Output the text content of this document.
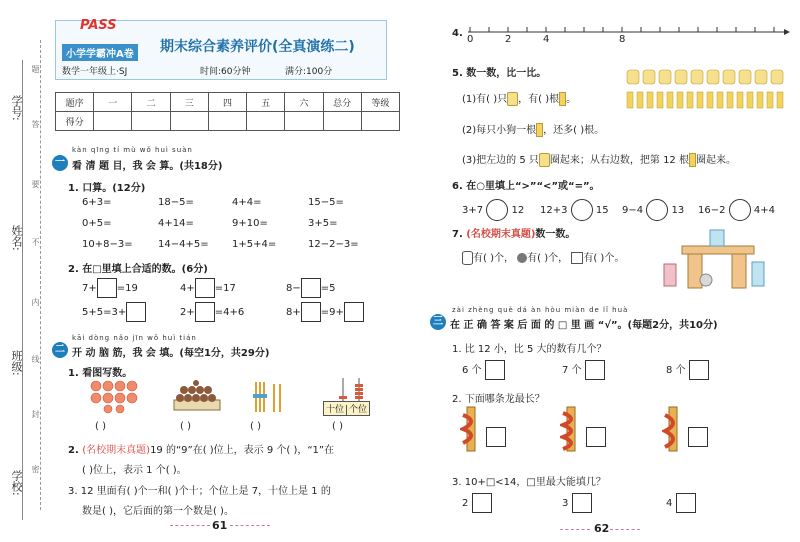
学号:
姓名:
班级:
学校:
题
答
要
不
内
线
封
密
PASS
小学学霸冲A卷 期末综合素养评价(全真演练二)
数学一年级上·SJ	时间:60分钟	满分:100分
题序	一	二	三	四	五	六	总分	等级
得分								
kàn qīng tí mù wǒ huì suàn
一 看 清 题 目，我 会 算。(共18分)
1. 口算。(12分)
6+3=	18−5=	4+4=	15−5=
0+5=	4+14=	9+10=	3+5=
10+8−3=	14−4+5= 1+5+4=	12−2−3=
2. 在□里填上合适的数。(6分)
7+ =19	4+ =17	8− =5
5+5=3+	2+ =4+6	8+ =9+
kāi dòng nǎo jīn wǒ huì tián
二 开 动 脑 筋，我 会 填。(每空1分，共29分)
1. 看图写数。
十位 个位
( )	( )	( )	( )
2. (名校期末真题)19 的“9”在( )位上，表示 9 个( )，“1”在
( )位上，表示 1 个( )。
3. 12 里面有( )个一和( )个十；个位上是 7，十位上是 1 的
数是( )，它后面的第一个数是( )。
61
4.
0	2	4	8
5. 数一数，比一比。
(1)有( )只 ，有( )根 。
(2)每只小狗一根 ，还多( )根。
(3)把左边的 5 只 圈起来；从右边数，把第 12 根 圈起来。
6. 在○里填上“>”“<”或“=”。
3+7	12 12+3	15 9−4	13 16−2	4+4
7. (名校期末真题)数一数。
有( )个， 有( )个， 有( )个。
zài zhèng què dá àn hòu miàn de lǐ huà
三 在 正 确 答 案 后 面 的 □ 里 画 “√”。(每题2分，共10分)
1. 比 12 小，比 5 大的数有几个？
6 个	7 个	8 个
2. 下面哪条龙最长？
3. 10+□<14，□里最大能填几？
2	3	4
62
